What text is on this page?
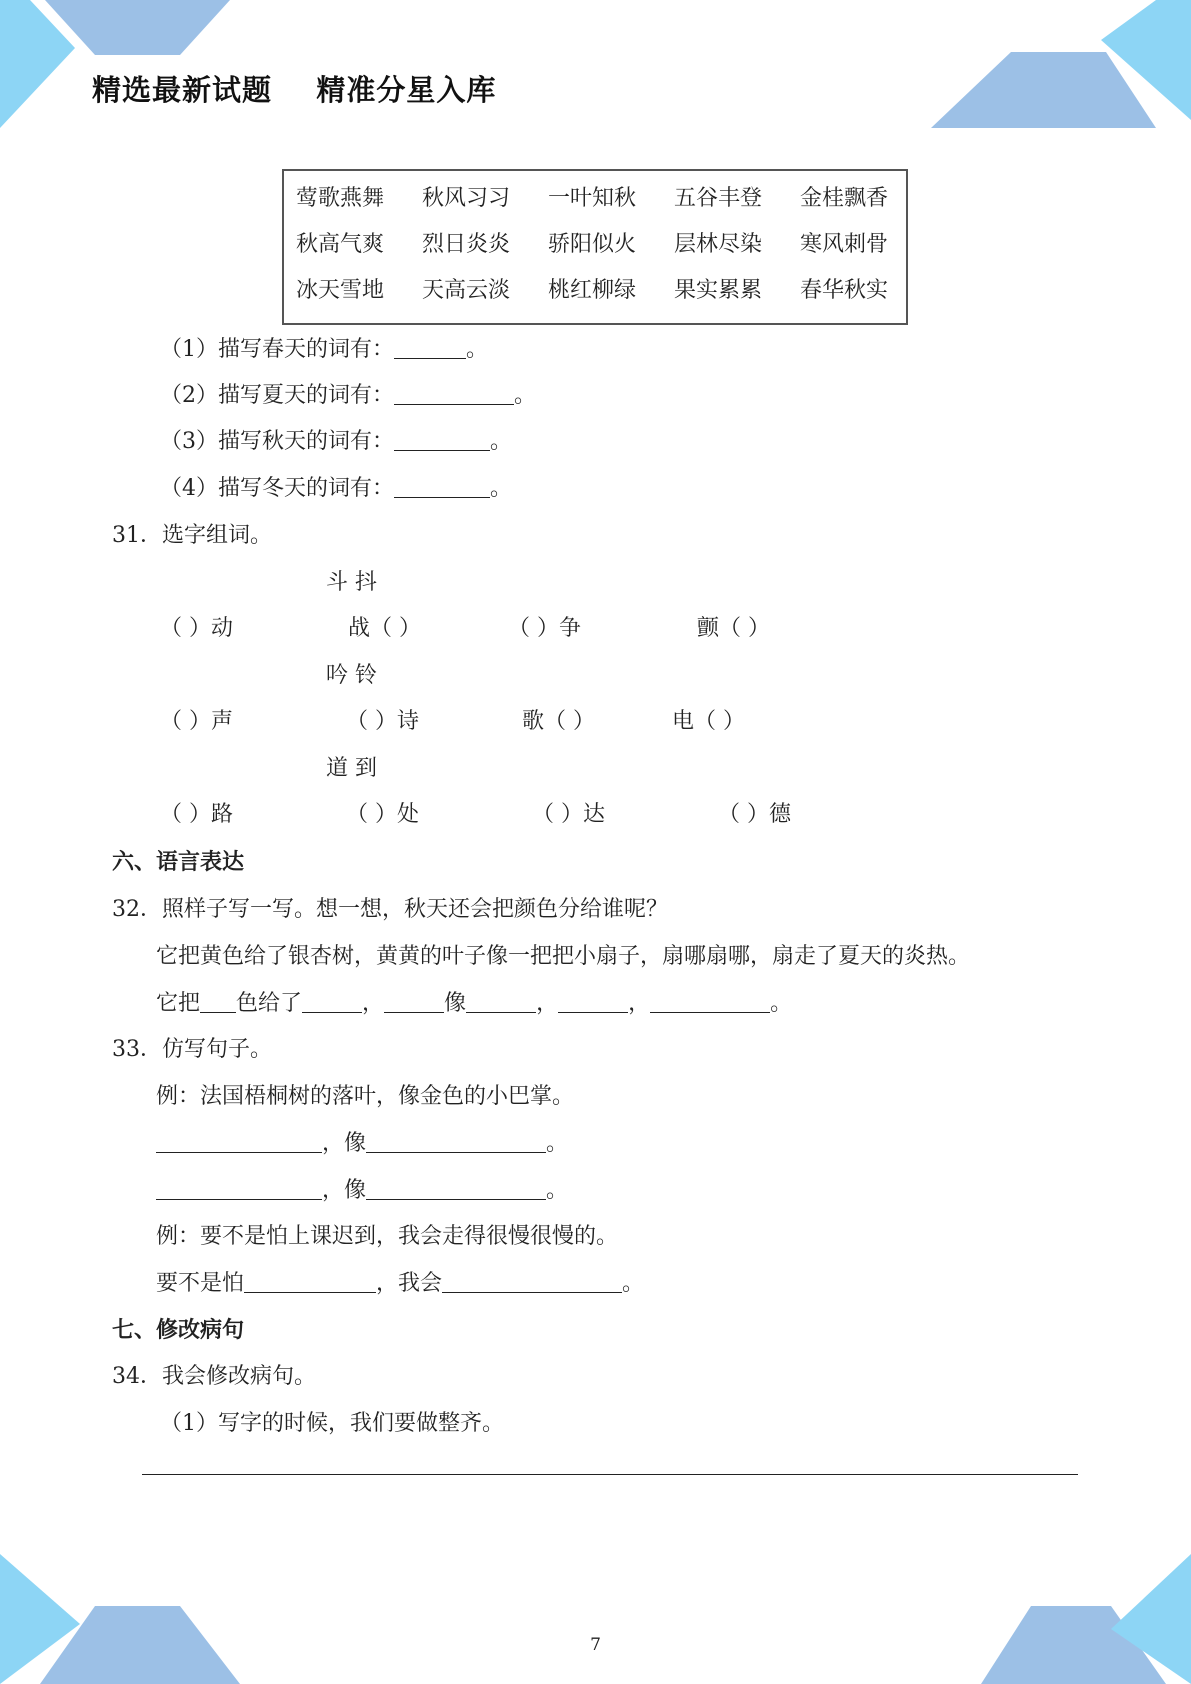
精选最新试题    精准分星入库
莺歌燕舞 秋风习习 一叶知秋 五谷丰登 金桂飘香
秋高气爽 烈日炎炎 骄阳似火 层林尽染 寒风刺骨
冰天雪地 天高云淡 桃红柳绿 果实累累 春华秋实
（1）描写春天的词有：	。
（2）描写夏天的词有：	。
（3）描写秋天的词有：	。
（4）描写冬天的词有：	。
31．选字组词。
斗 抖
（ ）动	战（ ）	（ ）争	颤（ ）
吟 铃
（ ）声	（ ）诗	歌（ ）	电（ ）
道 到
（ ）路	（ ）处	（ ）达	（ ）德
六、语言表达
32．照样子写一写。想一想，秋天还会把颜色分给谁呢？
它把黄色给了银杏树，黄黄的叶子像一把把小扇子，扇哪扇哪，扇走了夏天的炎热。
它把 色给了	，	像	，	，	。
33．仿写句子。
例：法国梧桐树的落叶，像金色的小巴掌。
，像	。
，像	。
例：要不是怕上课迟到，我会走得很慢很慢的。
要不是怕	，我会	。
七、修改病句
34．我会修改病句。
（1）写字的时候，我们要做整齐。
7
